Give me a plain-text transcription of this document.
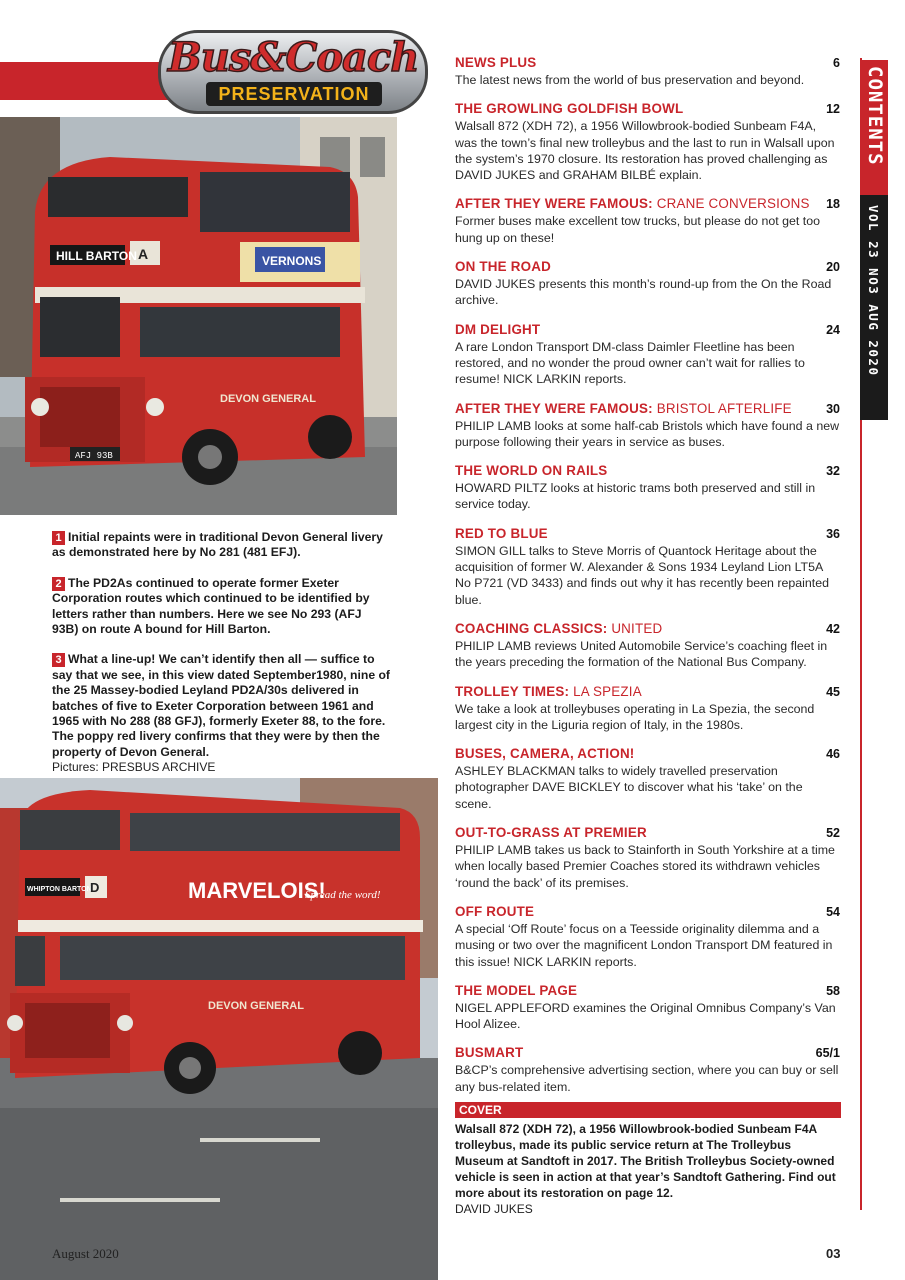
Bus&Coach
PRESERVATION
DEVON GENERAL
HILL BARTON A	VERNONS
AFJ 93B
1 Initial repaints were in traditional Devon General livery as demonstrated here by No 281 (481 EFJ).
2 The PD2As continued to operate former Exeter Corporation routes which continued to be identified by letters rather than numbers. Here we see No 293 (AFJ 93B) on route A bound for Hill Barton.
3 What a line-up! We can’t identify then all — suffice to say that we see, in this view dated September1980, nine of the 25 Massey-bodied Leyland PD2A/30s delivered in batches of five to Exeter Corporation between 1961 and 1965 with No 288 (88 GFJ), formerly Exeter 88, to the fore. The poppy red livery confirms that they were by then the property of Devon General.
Pictures: PRESBUS ARCHIVE
MARVELOIS!
Spread the word!
WHIPTON BARTON
D
DEVON GENERAL
August 2020
NEWS PLUS	6
The latest news from the world of bus preservation and beyond.
THE GROWLING GOLDFISH BOWL	12
Walsall 872 (XDH 72), a 1956 Willowbrook-bodied Sunbeam F4A, was the town’s final new trolleybus and the last to run in Walsall upon the system’s 1970 closure. Its restoration has proved challenging as DAVID JUKES and GRAHAM BILBÉ explain.
AFTER THEY WERE FAMOUS: CRANE CONVERSIONS 18
Former buses make excellent tow trucks, but please do not get too hung up on these!
ON THE ROAD	20
DAVID JUKES presents this month’s round-up from the On the Road archive.
DM DELIGHT	24
A rare London Transport DM-class Daimler Fleetline has been restored, and no wonder the proud owner can’t wait for rallies to resume! NICK LARKIN reports.
AFTER THEY WERE FAMOUS: BRISTOL AFTERLIFE	30
PHILIP LAMB looks at some half-cab Bristols which have found a new purpose following their years in service as buses.
THE WORLD ON RAILS	32
HOWARD PILTZ looks at historic trams both preserved and still in service today.
RED TO BLUE	36
SIMON GILL talks to Steve Morris of Quantock Heritage about the acquisition of former W. Alexander & Sons 1934 Leyland Lion LT5A No P721 (VD 3433) and finds out why it has recently been repainted blue.
COACHING CLASSICS: UNITED	42
PHILIP LAMB reviews United Automobile Service’s coaching fleet in the years preceding the formation of the National Bus Company.
TROLLEY TIMES: LA SPEZIA	45
We take a look at trolleybuses operating in La Spezia, the second largest city in the Liguria region of Italy, in the 1980s.
BUSES, CAMERA, ACTION!	46
ASHLEY BLACKMAN talks to widely travelled preservation photographer DAVE BICKLEY to discover what his ‘take’ on the scene.
OUT-TO-GRASS AT PREMIER	52
PHILIP LAMB takes us back to Stainforth in South Yorkshire at a time when locally based Premier Coaches stored its withdrawn vehicles ‘round the back’ of its premises.
OFF ROUTE	54
A special ‘Off Route’ focus on a Teesside originality dilemma and a musing or two over the magnificent London Transport DM featured in this issue! NICK LARKIN reports.
THE MODEL PAGE	58
NIGEL APPLEFORD examines the Original Omnibus Company’s Van Hool Alizee.
BUSMART	65/1
B&CP’s comprehensive advertising section, where you can buy or sell any bus-related item.
COVER
Walsall 872 (XDH 72), a 1956 Willowbrook-bodied Sunbeam F4A trolleybus, made its public service return at The Trolleybus Museum at Sandtoft in 2017. The British Trolleybus Society-owned vehicle is seen in action at that year’s Sandtoft Gathering. Find out more about its restoration on page 12.
DAVID JUKES
03
CONTENTS
VOL 23 NO3 AUG 2020
